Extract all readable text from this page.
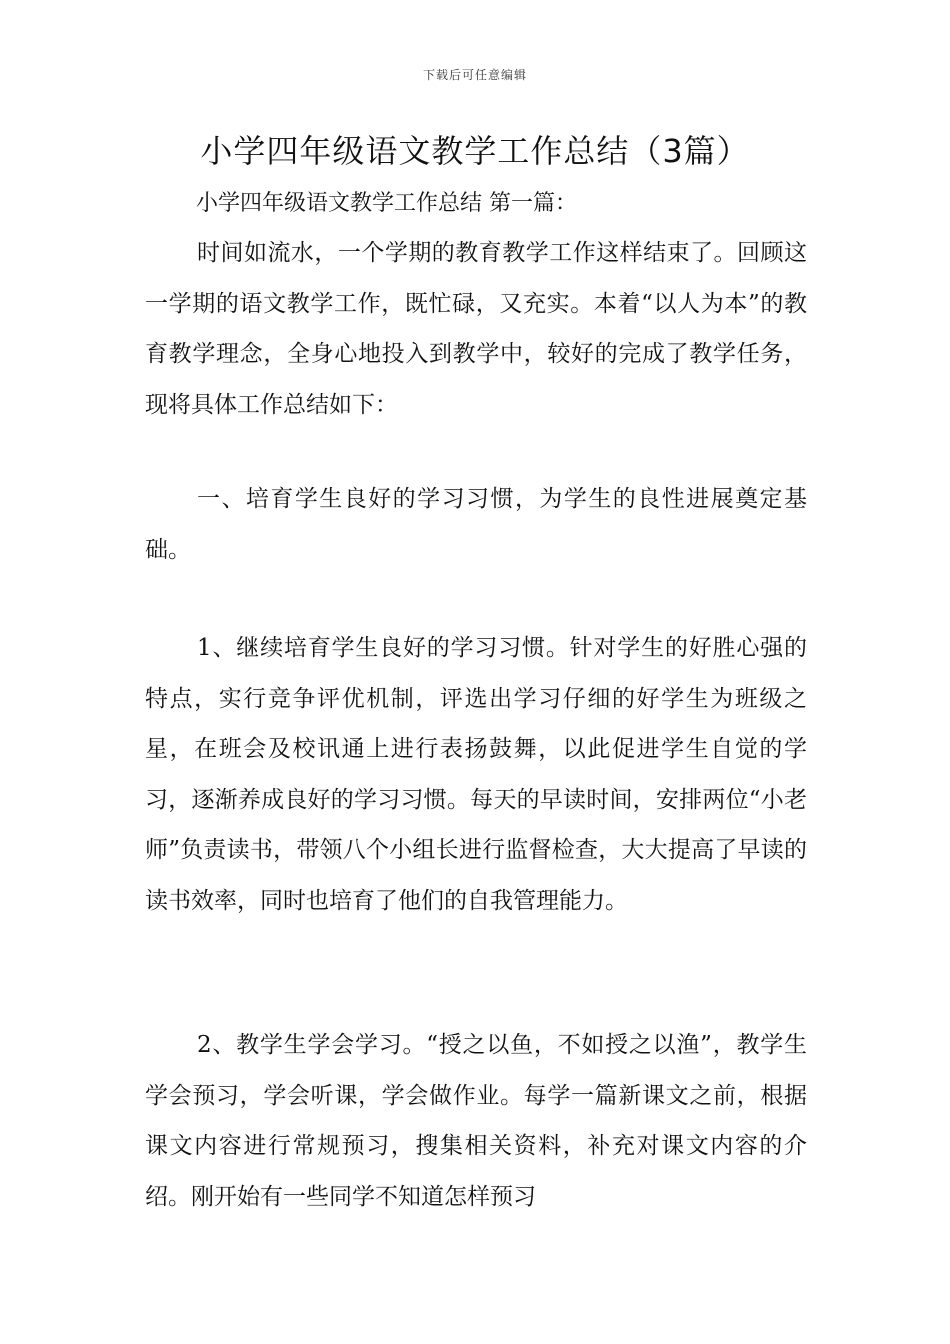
下载后可任意编辑
小学四年级语文教学工作总结（3篇）
小学四年级语文教学工作总结 第一篇：

时间如流水，一个学期的教育教学工作这样结束了。回顾这一学期的语文教学工作，既忙碌，又充实。本着“以人为本”的教育教学理念，全身心地投入到教学中，较好的完成了教学任务，现将具体工作总结如下：

一、培育学生良好的学习习惯，为学生的良性进展奠定基础。

1、继续培育学生良好的学习习惯。针对学生的好胜心强的特点，实行竞争评优机制，评选出学习仔细的好学生为班级之星，在班会及校讯通上进行表扬鼓舞，以此促进学生自觉的学习，逐渐养成良好的学习习惯。每天的早读时间，安排两位“小老师”负责读书，带领八个小组长进行监督检查，大大提高了早读的读书效率，同时也培育了他们的自我管理能力。

2、教学生学会学习。“授之以鱼，不如授之以渔”，教学生学会预习，学会听课，学会做作业。每学一篇新课文之前，根据课文内容进行常规预习，搜集相关资料，补充对课文内容的介绍。刚开始有一些同学不知道怎样预习
